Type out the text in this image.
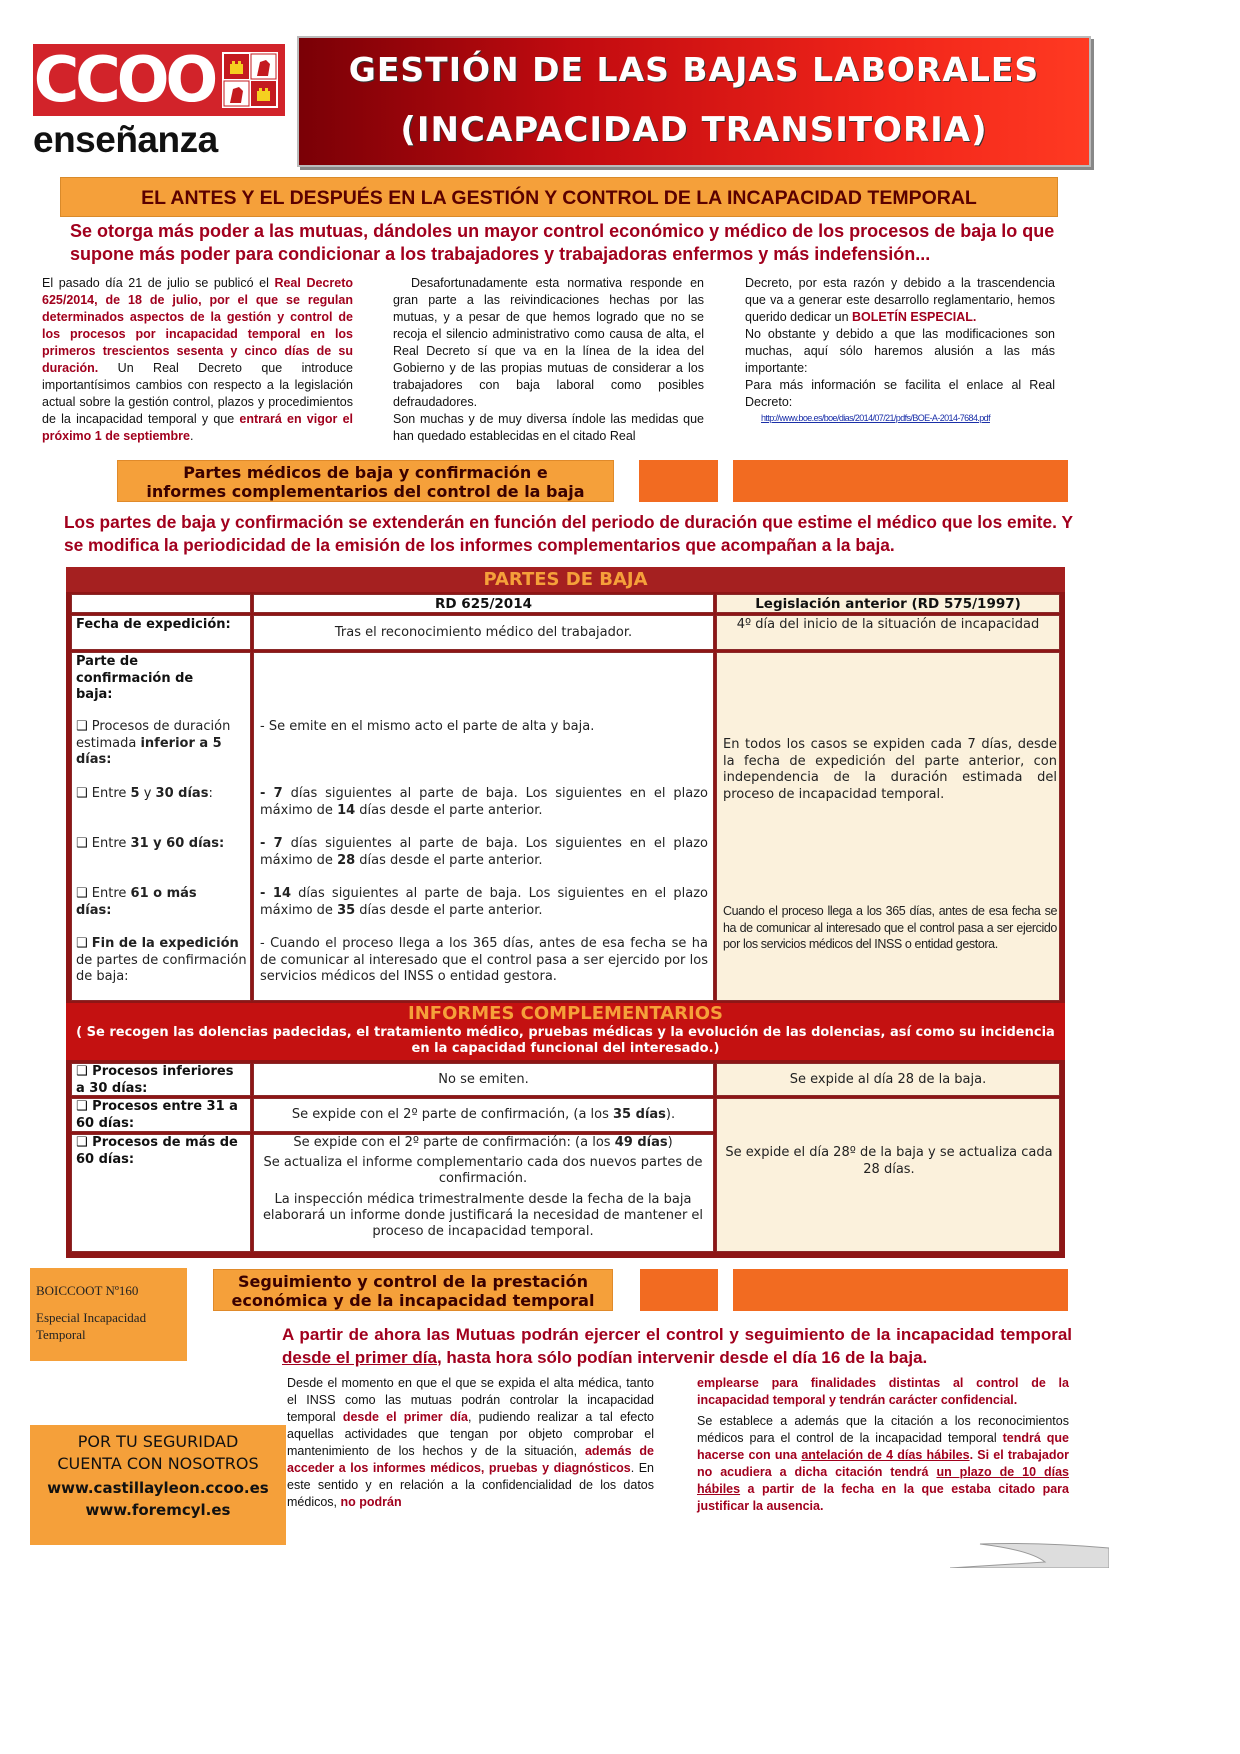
CCOO
enseñanza
GESTIÓN DE LAS BAJAS LABORALES
(INCAPACIDAD TRANSITORIA)
EL ANTES Y EL DESPUÉS EN LA GESTIÓN Y CONTROL DE LA INCAPACIDAD TEMPORAL
Se otorga más poder a las mutuas, dándoles un mayor control económico y médico de los procesos de baja lo que supone más poder para condicionar a los trabajadores y trabajadoras enfermos y más indefensión...
El pasado día 21 de julio se publicó el Real Decreto 625/2014, de 18 de julio, por el que se regulan determinados aspectos de la gestión y control de los procesos por incapacidad temporal en los primeros trescientos sesenta y cinco días de su duración. Un Real Decreto que introduce importantísimos cambios con respecto a la legislación actual sobre la gestión control, plazos y procedimientos de la incapacidad temporal y que entrará en vigor el próximo 1 de septiembre.
Desafortunadamente esta normativa responde en gran parte a las reivindicaciones hechas por las mutuas, y a pesar de que hemos logrado que no se recoja el silencio administrativo como causa de alta, el Real Decreto sí que va en la línea de la idea del Gobierno y de las propias mutuas de considerar a los trabajadores con baja laboral como posibles defraudadores.
Son muchas y de muy diversa índole las medidas que han quedado establecidas en el citado Real
Decreto, por esta razón y debido a la trascendencia que va a generar este desarrollo reglamentario, hemos querido dedicar un BOLETÍN ESPECIAL.
No obstante y debido a que las modificaciones son muchas, aquí sólo haremos alusión a las más importante:
Para más información se facilita el enlace al Real Decreto:
http://www.boe.es/boe/dias/2014/07/21/pdfs/BOE-A-2014-7684.pdf
Partes médicos de baja y confirmación e
informes complementarios del control de la baja
Los partes de baja y confirmación se extenderán en función del periodo de duración que estime el médico que los emite. Y se modifica la periodicidad de la emisión de los informes complementarios que acompañan a la baja.
PARTES DE BAJA
RD 625/2014	Legislación anterior (RD 575/1997)
Fecha de expedición:
Tras el reconocimiento médico del trabajador.
4º día del inicio de la situación de incapacidad
Parte de confirmación de baja:
❑ Procesos de duración estimada inferior a 5 días:
❑ Entre 5 y 30 días:
❑ Entre 31 y 60 días:
❑ Entre 61 o más días:
❑ Fin de la expedición de partes de confirmación de baja:
- Se emite en el mismo acto el parte de alta y baja.
- 7 días siguientes al parte de baja. Los siguientes en el plazo máximo de 14 días desde el parte anterior.
- 7 días siguientes al parte de baja. Los siguientes en el plazo máximo de 28 días desde el parte anterior.
- 14 días siguientes al parte de baja. Los siguientes en el plazo máximo de 35 días desde el parte anterior.
- Cuando el proceso llega a los 365 días, antes de esa fecha se ha de comunicar al interesado que el control pasa a ser ejercido por los servicios médicos del INSS o entidad gestora.
En todos los casos se expiden cada 7 días, desde la fecha de expedición del parte anterior, con independencia de la duración estimada del proceso de incapacidad temporal.
Cuando el proceso llega a los 365 días, antes de esa fecha se ha de comunicar al interesado que el control pasa a ser ejercido por los servicios médicos del INSS o entidad gestora.
INFORMES COMPLEMENTARIOS
( Se recogen las dolencias padecidas, el tratamiento médico, pruebas médicas y la evolución de las dolencias, así como su incidencia en la capacidad funcional del interesado.)
❑ Procesos inferiores a 30 días:
No se emiten.	Se expide al día 28 de la baja.
❑ Procesos entre 31 a 60 días:
Se expide con el 2º parte de confirmación, (a los 35 días).
❑ Procesos de más de 60 días:
Se expide con el 2º parte de confirmación: (a los 49 días)
Se actualiza el informe complementario cada dos nuevos partes de confirmación.
La inspección médica trimestralmente desde la fecha de la baja elaborará un informe donde justificará la necesidad de mantener el proceso de incapacidad temporal.
Se expide el día 28º de la baja y se actualiza cada 28 días.
BOICCOOT Nº160
Especial Incapacidad Temporal
Seguimiento y control de la prestación
económica y de la incapacidad temporal
A partir de ahora las Mutuas podrán ejercer el control y seguimiento de la incapacidad temporal desde el primer día, hasta hora sólo podían intervenir desde el día 16 de la baja.
POR TU SEGURIDAD
CUENTA CON NOSOTROS
www.castillayleon.ccoo.es
www.foremcyl.es
Desde el momento en que el que se expida el alta médica, tanto el INSS como las mutuas podrán controlar la incapacidad temporal desde el primer día, pudiendo realizar a tal efecto aquellas actividades que tengan por objeto comprobar el mantenimiento de los hechos y de la situación, además de acceder a los informes médicos, pruebas y diagnósticos. En este sentido y en relación a la confidencialidad de los datos médicos, no podrán
emplearse para finalidades distintas al control de la incapacidad temporal y tendrán carácter confidencial.
Se establece a además que la citación a los reconocimientos médicos para el control de la incapacidad temporal tendrá que hacerse con una antelación de 4 días hábiles. Si el trabajador no acudiera a dicha citación tendrá un plazo de 10 días hábiles a partir de la fecha en la que estaba citado para justificar la ausencia.
